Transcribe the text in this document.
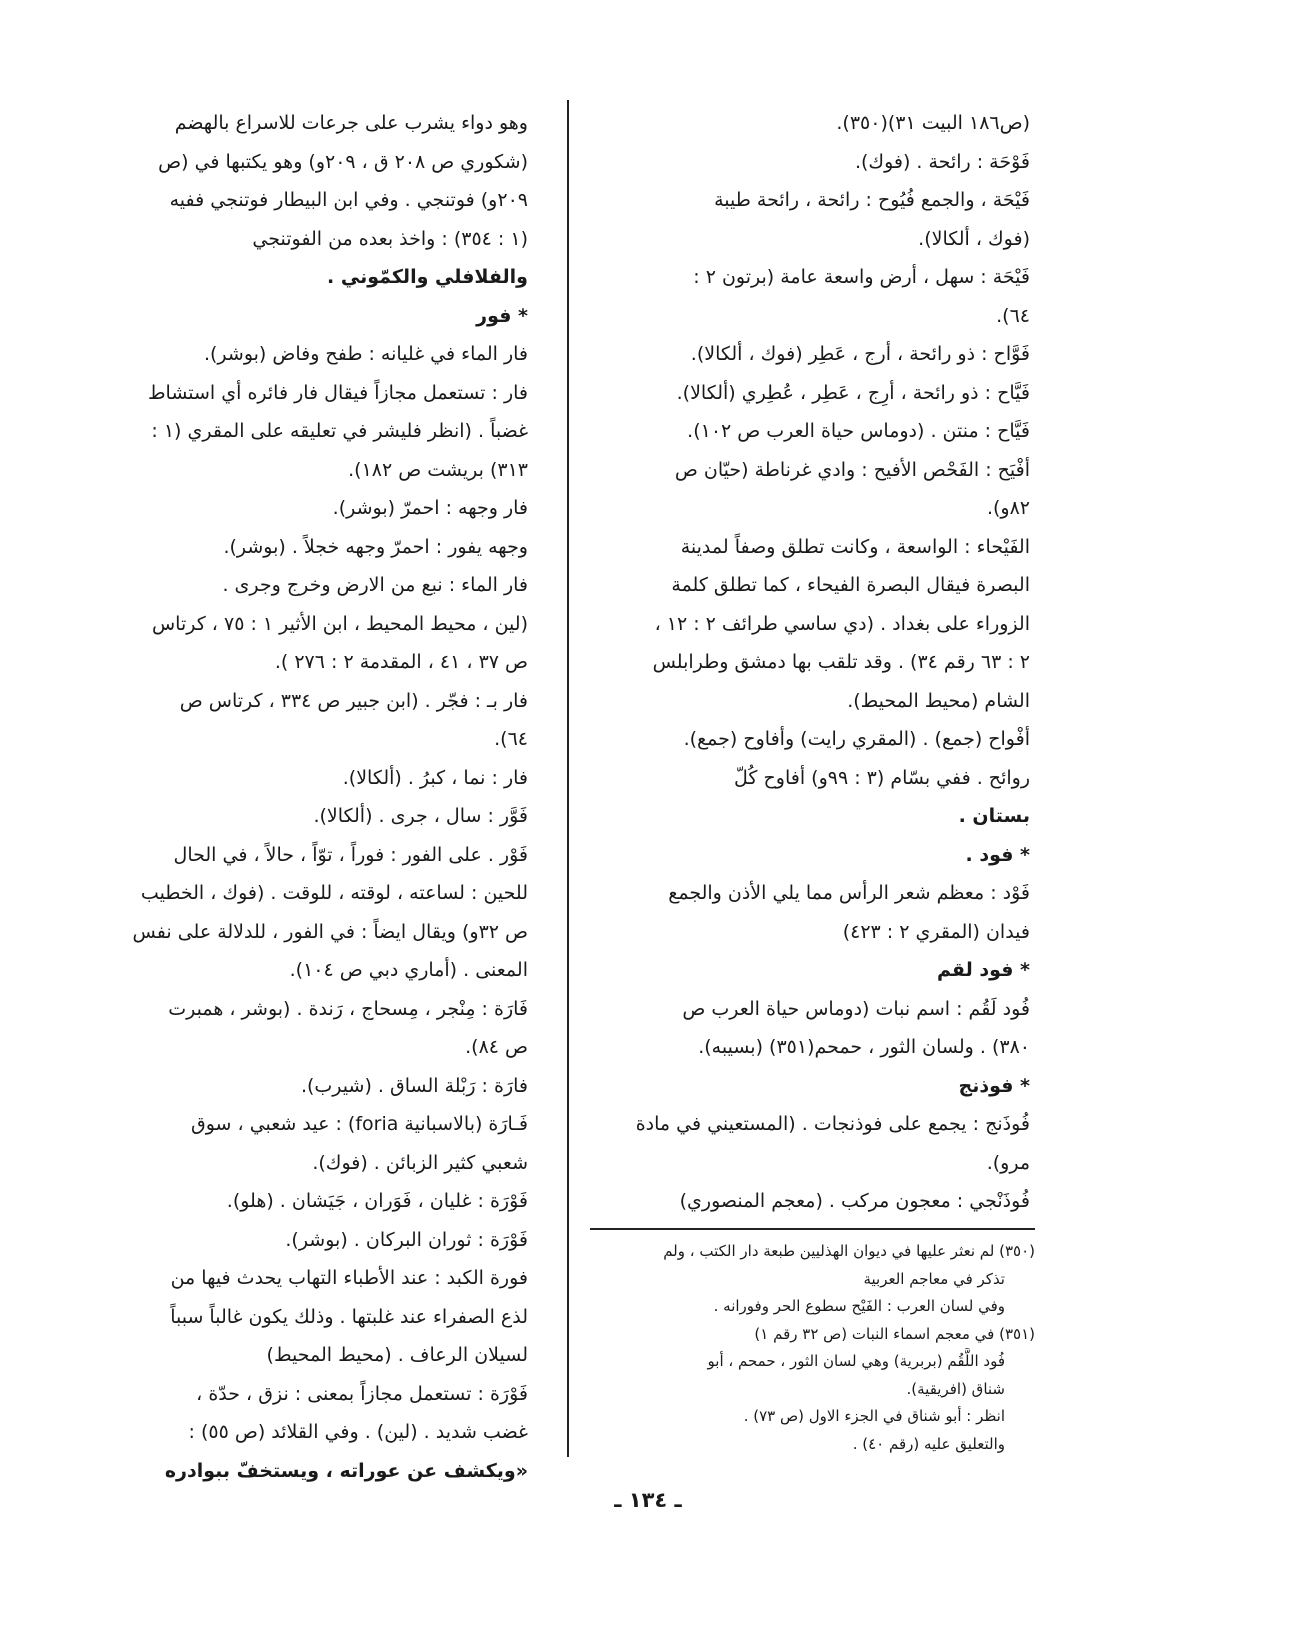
(ص١٨٦ البيت ٣١)(٣٥٠).
فَوْحَة : رائحة . (فوك).
فَيْحَة ، والجمع فُيُوح : رائحة ، رائحة طيبة
(فوك ، ألكالا).
فَيْحَة : سهل ، أرض واسعة عامة (برتون ٢ :
٦٤).
فَوَّاح : ذو رائحة ، أرج ، عَطِر (فوك ، ألكالا).
فَيَّاح : ذو رائحة ، أرِج ، عَطِر ، عُطِري (ألكالا).
فَيَّاح : منتن . (دوماس حياة العرب ص ١٠٢).
أفْيَح : الفَحْص الأفيح : وادي غرناطة (حيّان ص
٨٢و).
الفَيْحاء : الواسعة ، وكانت تطلق وصفاً لمدينة
البصرة فيقال البصرة الفيحاء ، كما تطلق كلمة
الزوراء على بغداد . (دي ساسي طرائف ٢ : ١٢ ،
٢ : ٦٣ رقم ٣٤) . وقد تلقب بها دمشق وطرابلس
الشام (محيط المحيط).
أفْواح (جمع) . (المقري رايت) وأفاوح (جمع).
روائح . ففي بسّام (٣ : ٩٩و) أفاوح كُلّ
بستان .
* فود .
فَوْد : معظم شعر الرأس مما يلي الأذن والجمع
فيدان (المقري ٢ : ٤٢٣)
* فود لقم
فُود لَقُم : اسم نبات (دوماس حياة العرب ص
٣٨٠) . ولسان الثور ، حمحم(٣٥١) (بسيبه).
* فوذنج
فُوذَنج : يجمع على فوذنجات . (المستعيني في مادة
مرو).
فُوذَنْجي : معجون مركب . (معجم المنصوري)
وهو دواء يشرب على جرعات للاسراع بالهضم
(شكوري ص ٢٠٨ ق ، ٢٠٩و) وهو يكتبها في (ص
٢٠٩و) فوتنجي . وفي ابن البيطار فوتنجي ففيه
(١ : ٣٥٤) : واخذ بعده من الفوتنجي
والفلافلي والكمّوني .
* فور
فار الماء في غليانه : طفح وفاض (بوشر).
فار : تستعمل مجازاً فيقال فار فائره أي استشاط
غضباً . (انظر فليشر في تعليقه على المقري (١ :
٣١٣) بريشت ص ١٨٢).
فار وجهه : احمرّ (بوشر).
وجهه يفور : احمرّ وجهه خجلاً . (بوشر).
فار الماء : نبع من الارض وخرج وجرى .
(لين ، محيط المحيط ، ابن الأثير ١ : ٧٥ ، كرتاس
ص ٣٧ ، ٤١ ، المقدمة ٢ : ٢٧٦ ).
فار بـ : فجّر . (ابن جبير ص ٣٣٤ ، كرتاس ص
٦٤).
فار : نما ، كبرُ . (ألكالا).
فَوَّر : سال ، جرى . (ألكالا).
فَوْر . على الفور : فوراً ، توّاً ، حالاً ، في الحال
للحين : لساعته ، لوقته ، للوقت . (فوك ، الخطيب
ص ٣٢و) ويقال ايضاً : في الفور ، للدلالة على نفس
المعنى . (أماري دبي ص ١٠٤).
فَارَة : مِنْجر ، مِسحاج ، رَندة . (بوشر ، همبرت
ص ٨٤).
فارَة : رَبْلة الساق . (شيرب).
فَـارَة (بالاسبانية foria) : عيد شعبي ، سوق
شعبي كثير الزبائن . (فوك).
فَوْرَة : غليان ، فَوَران ، جَيَشان . (هلو).
فَوْرَة : ثوران البركان . (بوشر).
فورة الكبد : عند الأطباء التهاب يحدث فيها من
لذع الصفراء عند غلبتها . وذلك يكون غالباً سبباً
لسيلان الرعاف . (محيط المحيط)
فَوْرَة : تستعمل مجازاً بمعنى : نزق ، حدّة ،
غضب شديد . (لين) . وفي القلائد (ص ٥٥) :
«ويكشف عن عوراته ، ويستخفّ ببوادره
(٣٥٠) لم نعثر عليها في ديوان الهذليين طبعة دار الكتب ، ولم
تذكر في معاجم العربية
وفي لسان العرب : الفَيْح سطوع الحر وفورانه .
(٣٥١) في معجم اسماء النبات (ص ٣٢ رقم ١)
فُود اللَّقُم (بربرية) وهي لسان الثور ، حمحم ، أبو
شناق (افريقية).
انظر : أبو شناق في الجزء الاول (ص ٧٣) .
والتعليق عليه (رقم ٤٠) .
ـ ١٣٤ ـ
